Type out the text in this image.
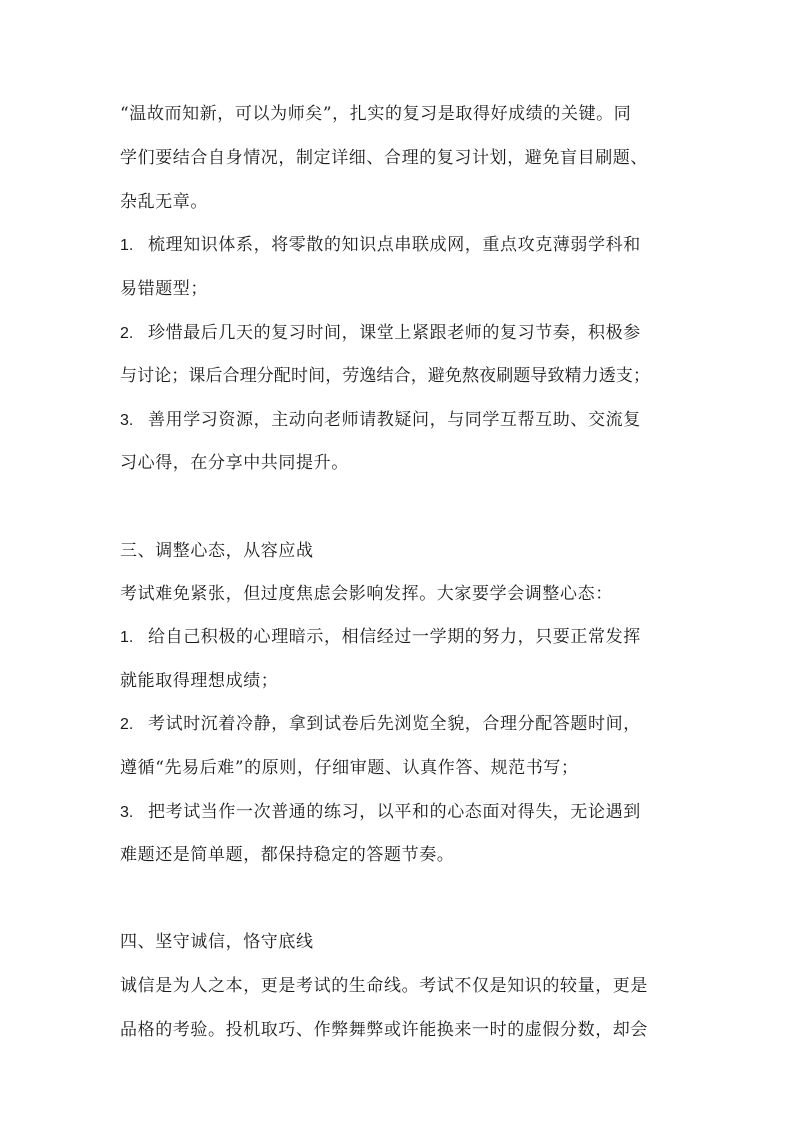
“温故而知新，可以为师矣”，扎实的复习是取得好成绩的关键。同
学们要结合自身情况，制定详细、合理的复习计划，避免盲目刷题、
杂乱无章。
1. 梳理知识体系，将零散的知识点串联成网，重点攻克薄弱学科和
易错题型；
2. 珍惜最后几天的复习时间，课堂上紧跟老师的复习节奏，积极参
与讨论；课后合理分配时间，劳逸结合，避免熬夜刷题导致精力透支；
3. 善用学习资源，主动向老师请教疑问，与同学互帮互助、交流复
习心得，在分享中共同提升。
三、调整心态，从容应战
考试难免紧张，但过度焦虑会影响发挥。大家要学会调整心态：
1. 给自己积极的心理暗示，相信经过一学期的努力，只要正常发挥
就能取得理想成绩；
2. 考试时沉着冷静，拿到试卷后先浏览全貌，合理分配答题时间，
遵循“先易后难”的原则，仔细审题、认真作答、规范书写；
3. 把考试当作一次普通的练习，以平和的心态面对得失，无论遇到
难题还是简单题，都保持稳定的答题节奏。
四、坚守诚信，恪守底线
诚信是为人之本，更是考试的生命线。考试不仅是知识的较量，更是
品格的考验。投机取巧、作弊舞弊或许能换来一时的虚假分数，却会
